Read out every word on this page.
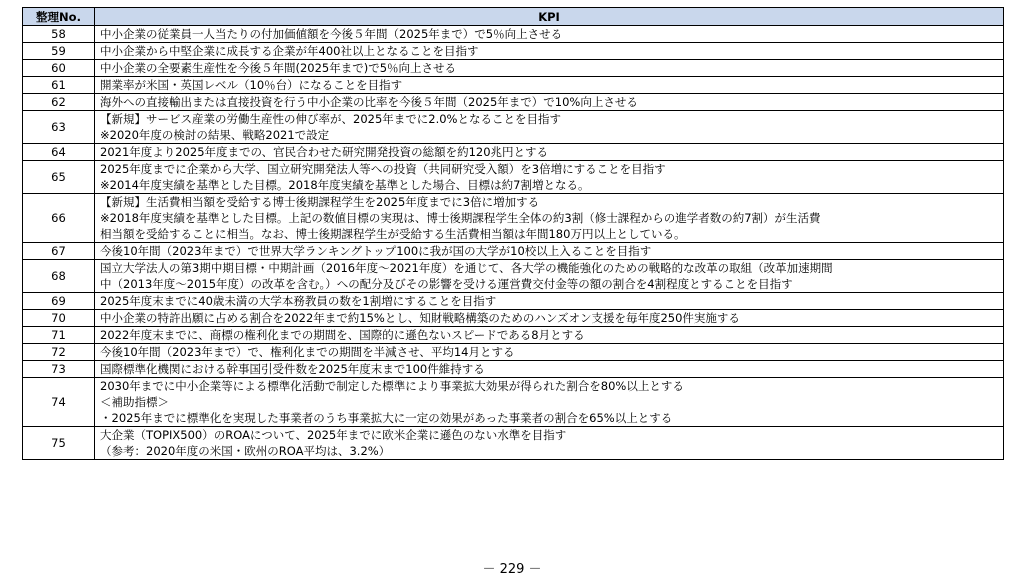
整理No.	KPI
58	中小企業の従業員一人当たりの付加価値額を今後５年間（2025年まで）で5％向上させる

59	中小企業から中堅企業に成長する企業が年400社以上となることを目指す

60	中小企業の全要素生産性を今後５年間(2025年まで)で5％向上させる

61	開業率が米国・英国レベル（10％台）になることを目指す

62	海外への直接輸出または直接投資を行う中小企業の比率を今後５年間（2025年まで）で10%向上させる

63	【新規】サービス産業の労働生産性の伸び率が、2025年までに2.0%となることを目指す
※2020年度の検討の結果、戦略2021で設定

64	2021年度より2025年度までの、官民合わせた研究開発投資の総額を約120兆円とする

65	2025年度までに企業から大学、国立研究開発法人等への投資（共同研究受入額）を3倍増にすることを目指す
※2014年度実績を基準とした目標。2018年度実績を基準とした場合、目標は約7割増となる。

66	【新規】生活費相当額を受給する博士後期課程学生を2025年度までに3倍に増加する
※2018年度実績を基準とした目標。上記の数値目標の実現は、博士後期課程学生全体の約3割（修士課程からの進学者数の約7割）が生活費
相当額を受給することに相当。なお、博士後期課程学生が受給する生活費相当額は年間180万円以上としている。

67	今後10年間（2023年まで）で世界大学ランキングトップ100に我が国の大学が10校以上入ることを目指す

68	国立大学法人の第3期中期目標・中期計画（2016年度～2021年度）を通じて、各大学の機能強化のための戦略的な改革の取組（改革加速期間
中（2013年度～2015年度）の改革を含む。）への配分及びその影響を受ける運営費交付金等の額の割合を4割程度とすることを目指す

69	2025年度末までに40歳未満の大学本務教員の数を1割増にすることを目指す

70	中小企業の特許出願に占める割合を2022年まで約15%とし、知財戦略構築のためのハンズオン支援を毎年度250件実施する

71	2022年度末までに、商標の権利化までの期間を、国際的に遜色ないスピードである8月とする

72	今後10年間（2023年まで）で、権利化までの期間を半減させ、平均14月とする

73	国際標準化機関における幹事国引受件数を2025年度末まで100件維持する

74	2030年までに中小企業等による標準化活動で制定した標準により事業拡大効果が得られた割合を80%以上とする
＜補助指標＞
・2025年までに標準化を実現した事業者のうち事業拡大に一定の効果があった事業者の割合を65%以上とする

75	大企業（TOPIX500）のROAについて、2025年までに欧米企業に遜色のない水準を目指す
（参考：2020年度の米国・欧州のROA平均は、3.2%）
－ 229 －
